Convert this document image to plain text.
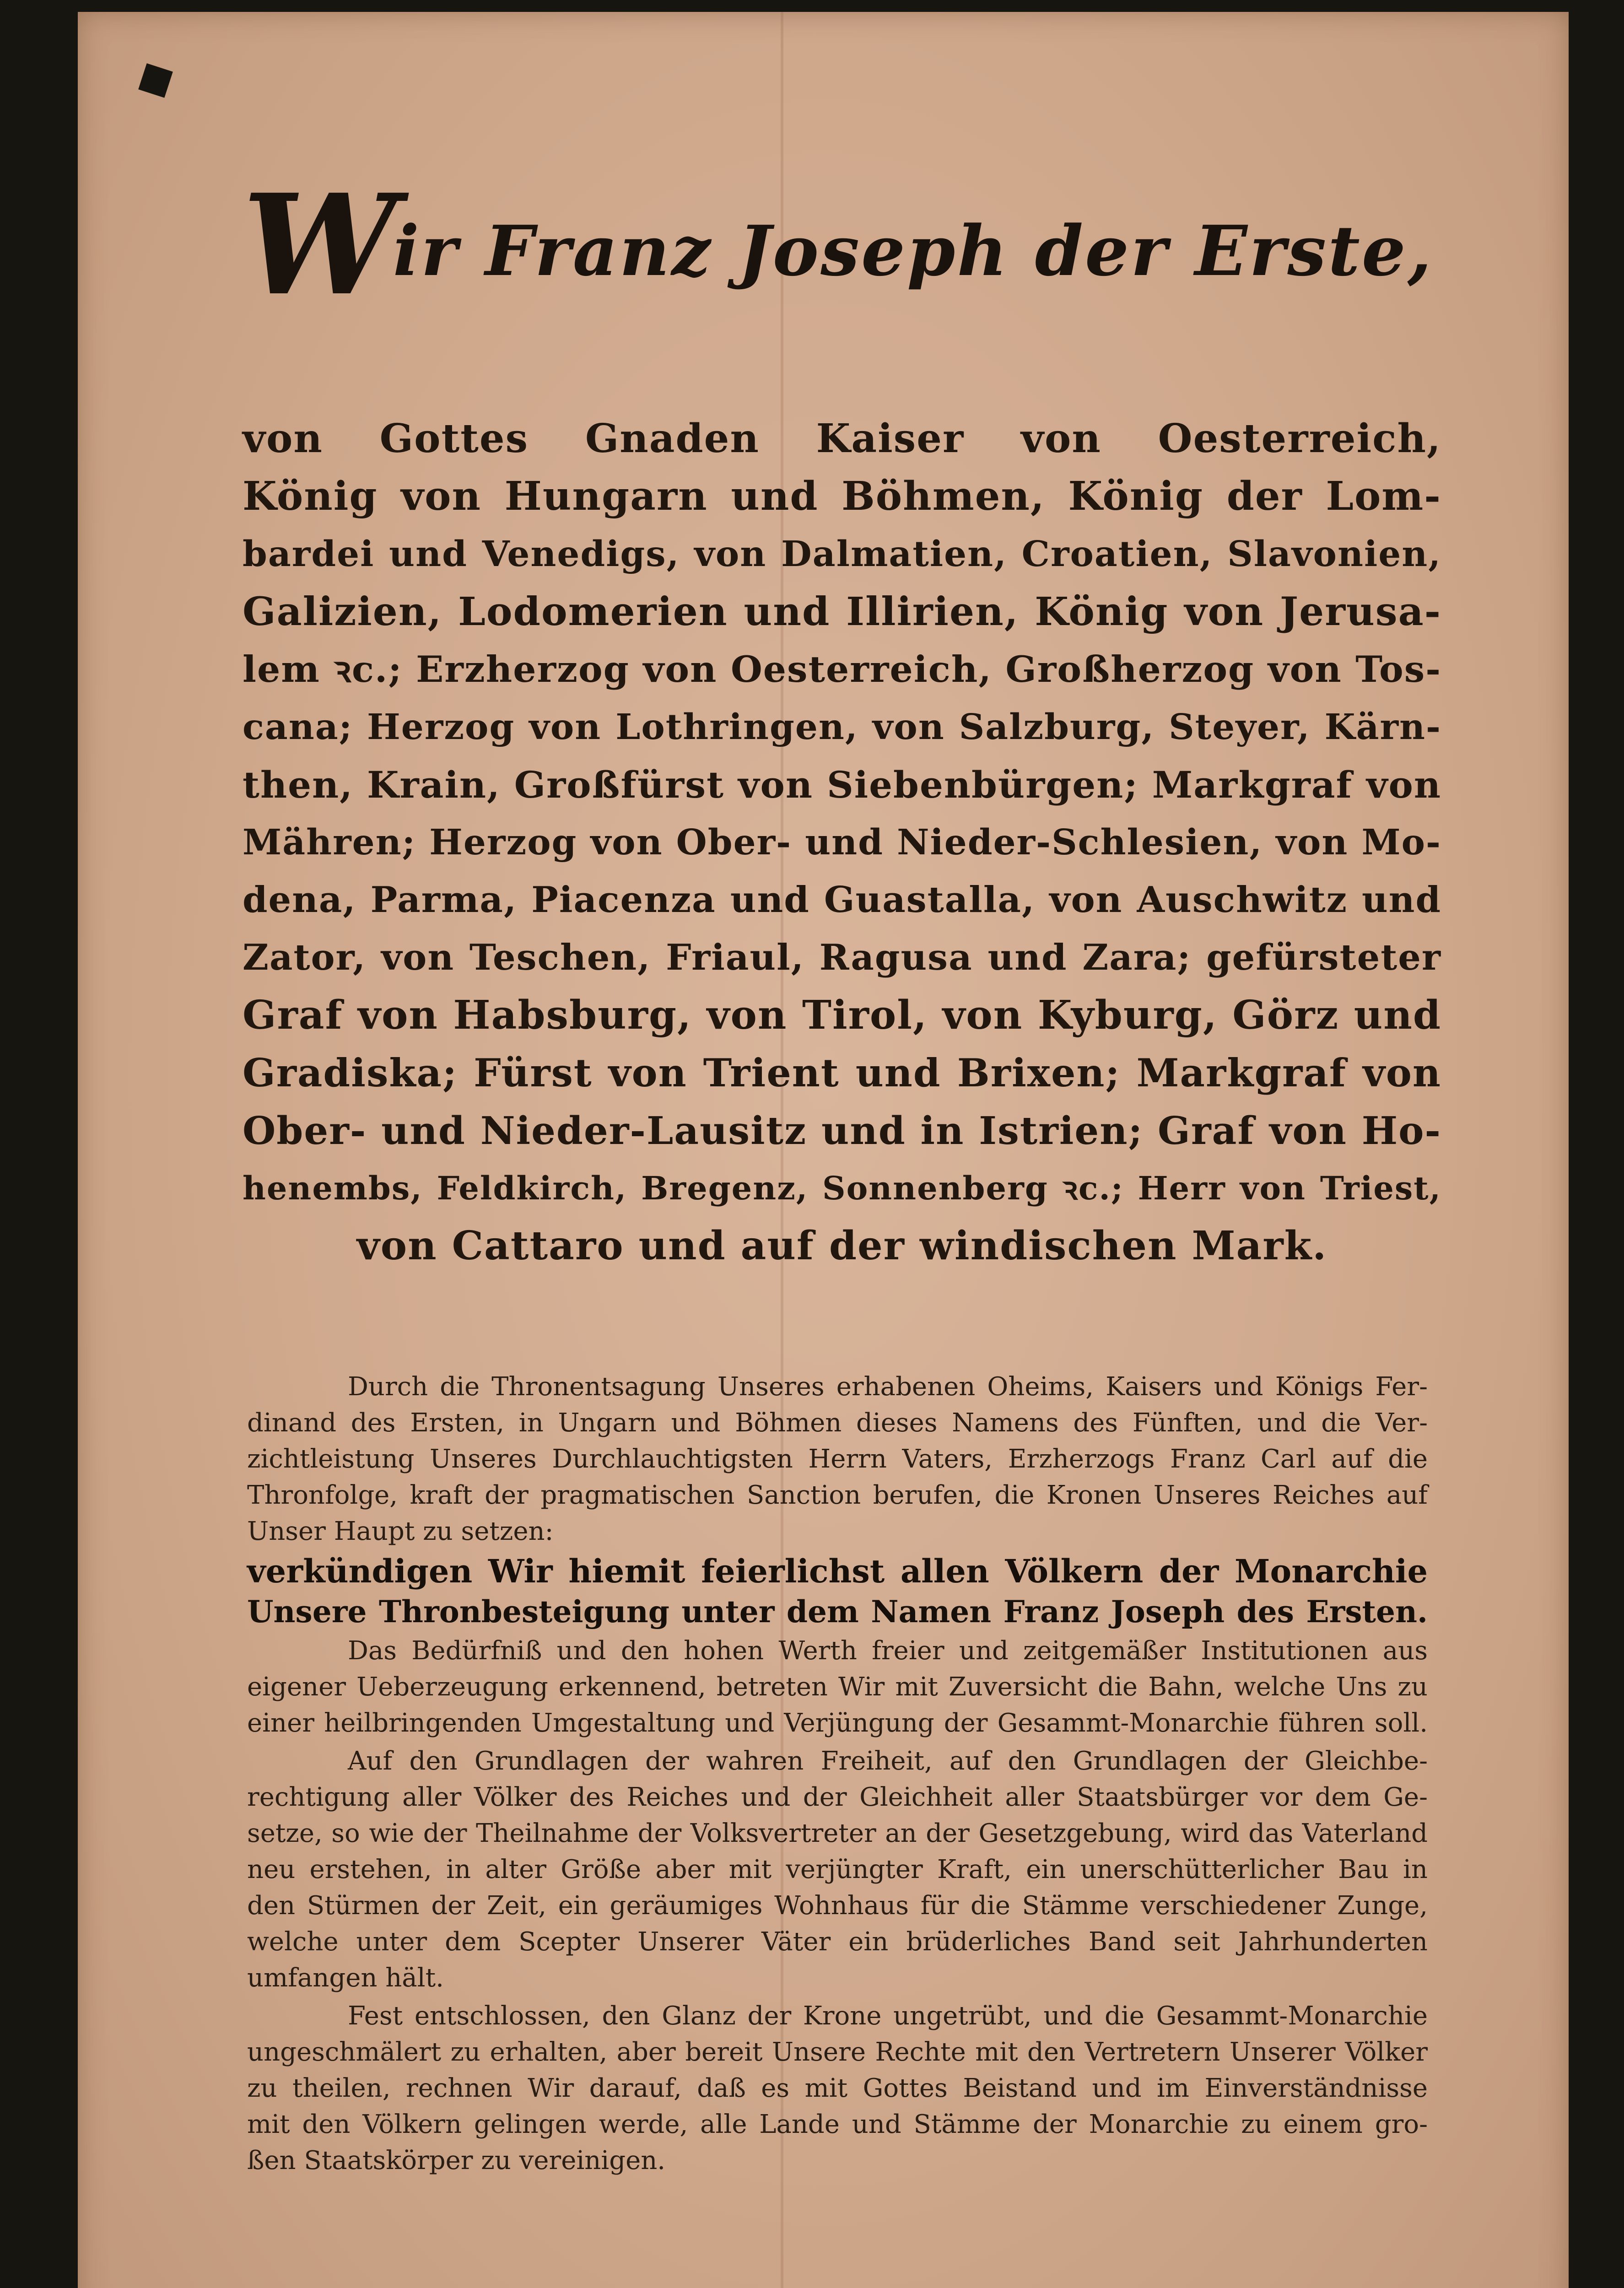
Wir Franz Joseph der Erste,
von Gottes Gnaden Kaiser von Oesterreich,
König von Hungarn und Böhmen, König der Lom-
bardei und Venedigs, von Dalmatien, Croatien, Slavonien,
Galizien, Lodomerien und Illirien, König von Jerusa-
lem ꝛc.; Erzherzog von Oesterreich, Großherzog von Tos-
cana; Herzog von Lothringen, von Salzburg, Steyer, Kärn-
then, Krain, Großfürst von Siebenbürgen; Markgraf von
Mähren; Herzog von Ober- und Nieder-Schlesien, von Mo-
dena, Parma, Piacenza und Guastalla, von Auschwitz und
Zator, von Teschen, Friaul, Ragusa und Zara; gefürsteter
Graf von Habsburg, von Tirol, von Kyburg, Görz und
Gradiska; Fürst von Trient und Brixen; Markgraf von
Ober- und Nieder-Lausitz und in Istrien; Graf von Ho-
henembs, Feldkirch, Bregenz, Sonnenberg ꝛc.; Herr von Triest,
von Cattaro und auf der windischen Mark.
Durch die Thronentsagung Unseres erhabenen Oheims, Kaisers und Königs Fer-
dinand des Ersten, in Ungarn und Böhmen dieses Namens des Fünften, und die Ver-
zichtleistung Unseres Durchlauchtigsten Herrn Vaters, Erzherzogs Franz Carl auf die
Thronfolge, kraft der pragmatischen Sanction berufen, die Kronen Unseres Reiches auf
Unser Haupt zu setzen:
verkündigen Wir hiemit feierlichst allen Völkern der Monarchie
Unsere Thronbesteigung unter dem Namen Franz Joseph des Ersten.
Das Bedürfniß und den hohen Werth freier und zeitgemäßer Institutionen aus
eigener Ueberzeugung erkennend, betreten Wir mit Zuversicht die Bahn, welche Uns zu
einer heilbringenden Umgestaltung und Verjüngung der Gesammt-Monarchie führen soll.
Auf den Grundlagen der wahren Freiheit, auf den Grundlagen der Gleichbe-
rechtigung aller Völker des Reiches und der Gleichheit aller Staatsbürger vor dem Ge-
setze, so wie der Theilnahme der Volksvertreter an der Gesetzgebung, wird das Vaterland
neu erstehen, in alter Größe aber mit verjüngter Kraft, ein unerschütterlicher Bau in
den Stürmen der Zeit, ein geräumiges Wohnhaus für die Stämme verschiedener Zunge,
welche unter dem Scepter Unserer Väter ein brüderliches Band seit Jahrhunderten
umfangen hält.
Fest entschlossen, den Glanz der Krone ungetrübt, und die Gesammt-Monarchie
ungeschmälert zu erhalten, aber bereit Unsere Rechte mit den Vertretern Unserer Völker
zu theilen, rechnen Wir darauf, daß es mit Gottes Beistand und im Einverständnisse
mit den Völkern gelingen werde, alle Lande und Stämme der Monarchie zu einem gro-
ßen Staatskörper zu vereinigen.
